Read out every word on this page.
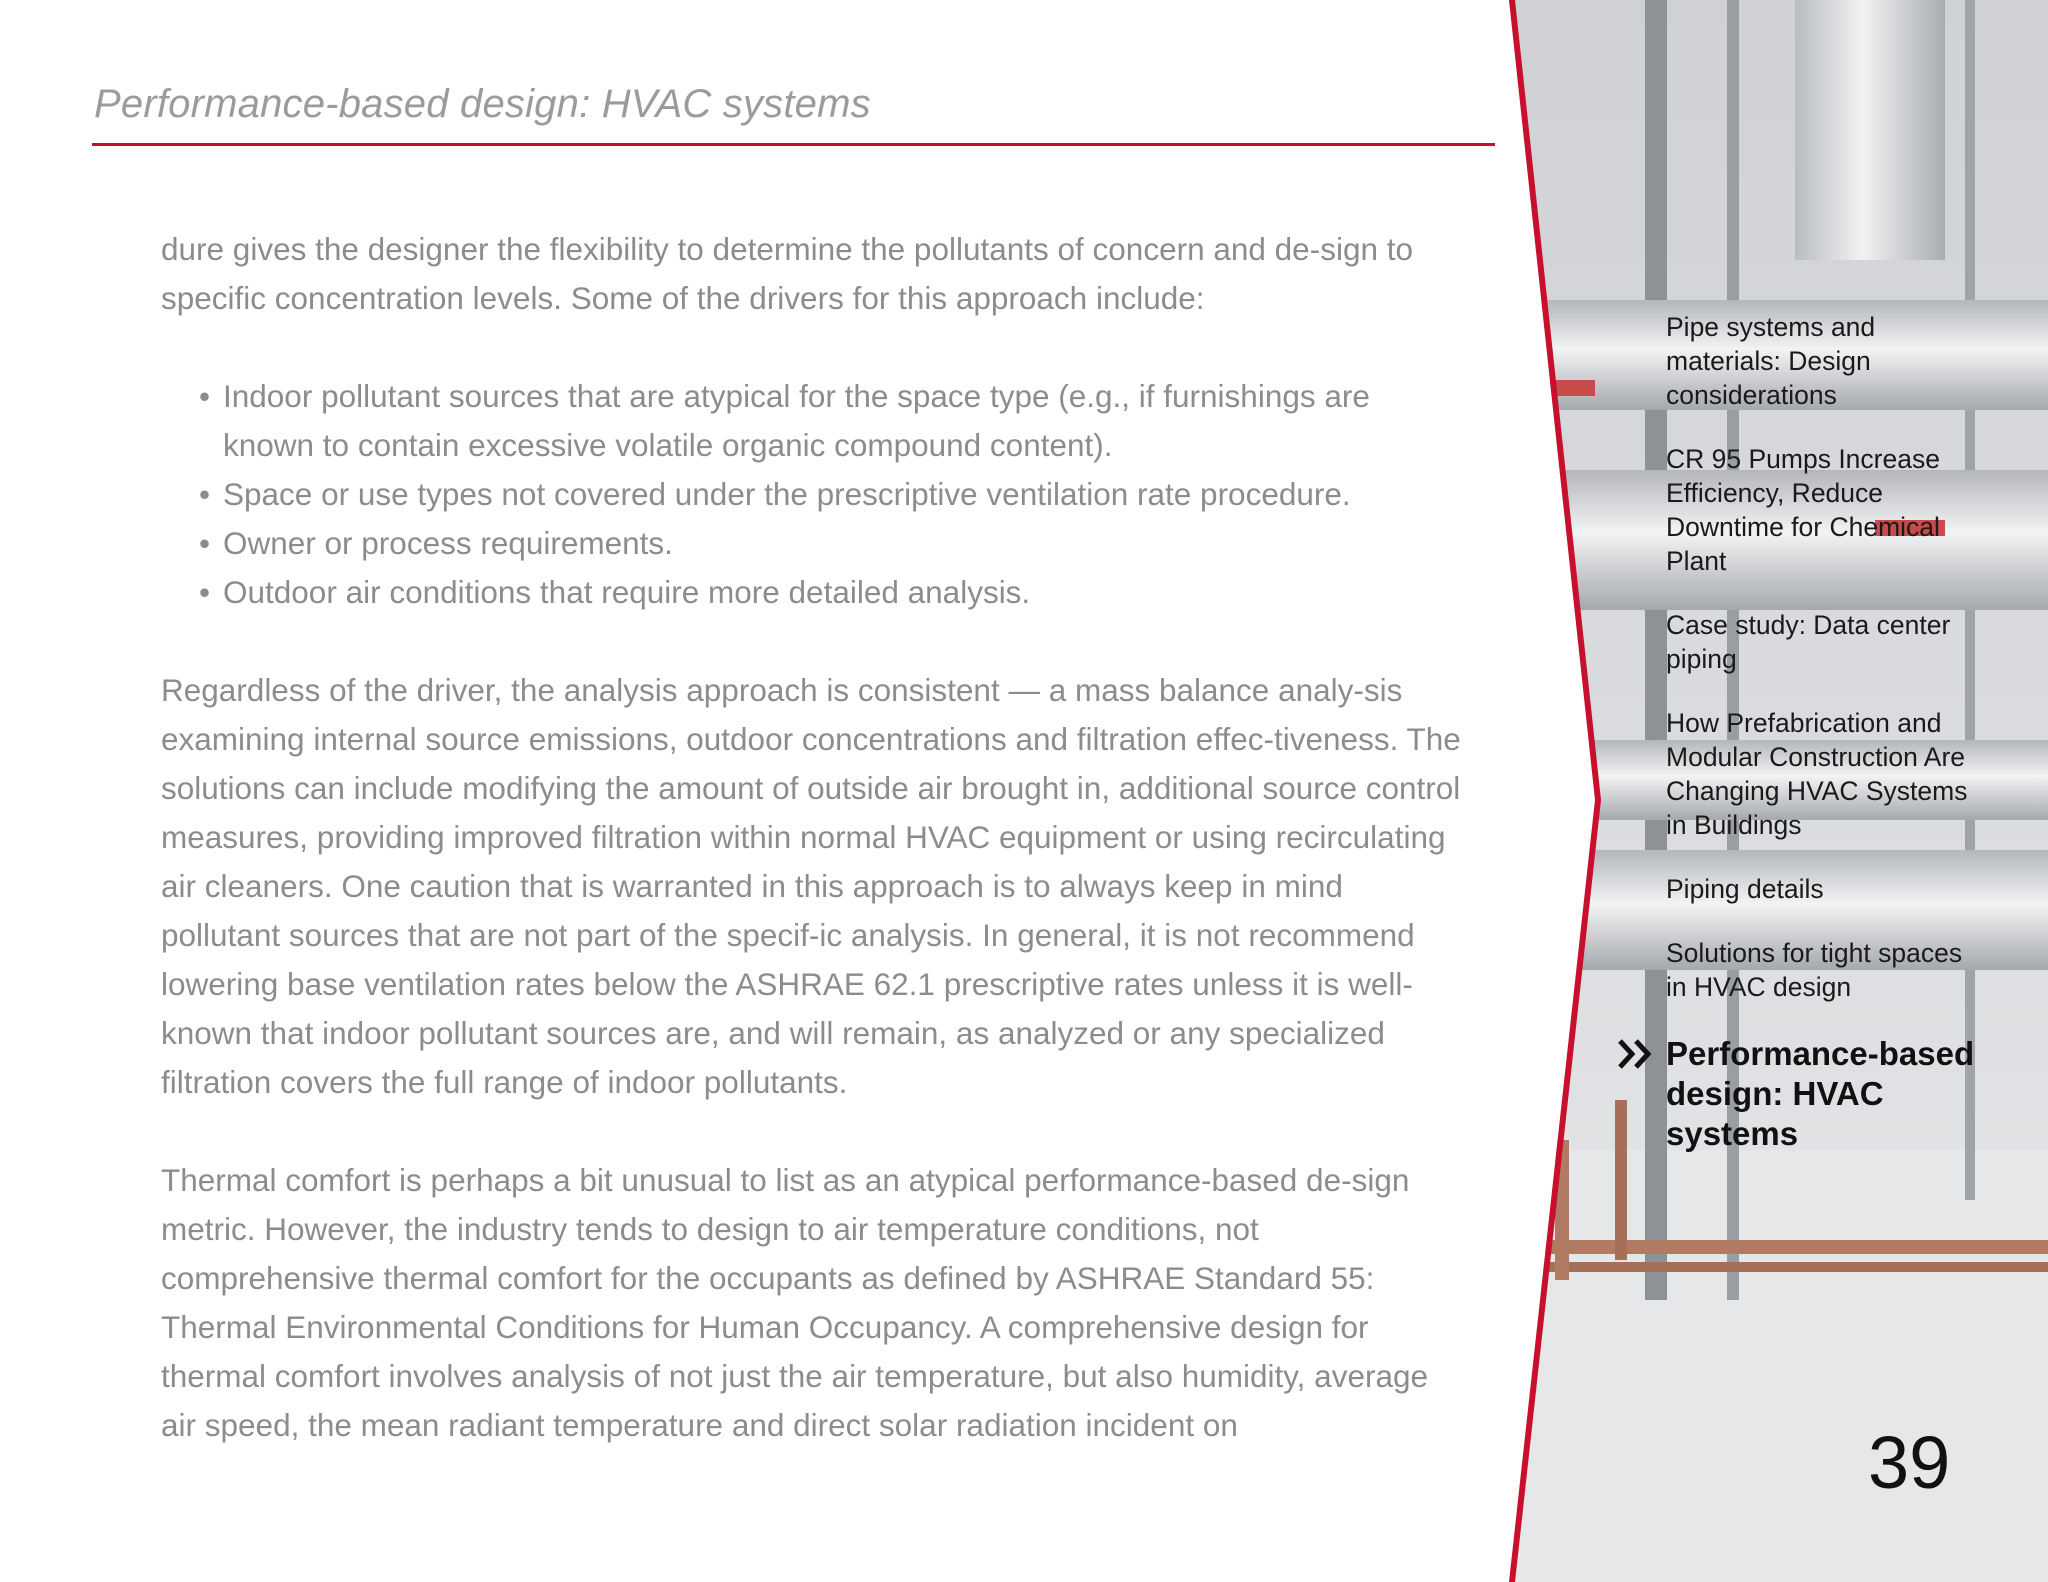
Performance-based design: HVAC systems

dure gives the designer the flexibility to determine the pollutants of concern and de-sign to specific concentration levels. Some of the drivers for this approach include:

• Indoor pollutant sources that are atypical for the space type (e.g., if furnishings are known to contain excessive volatile organic compound content).
• Space or use types not covered under the prescriptive ventilation rate procedure.
• Owner or process requirements.
• Outdoor air conditions that require more detailed analysis.

Regardless of the driver, the analysis approach is consistent — a mass balance analy-sis examining internal source emissions, outdoor concentrations and filtration effec-tiveness. The solutions can include modifying the amount of outside air brought in, additional source control measures, providing improved filtration within normal HVAC equipment or using recirculating air cleaners. One caution that is warranted in this approach is to always keep in mind pollutant sources that are not part of the specif-ic analysis. In general, it is not recommend lowering base ventilation rates below the ASHRAE 62.1 prescriptive rates unless it is well-known that indoor pollutant sources are, and will remain, as analyzed or any specialized filtration covers the full range of indoor pollutants.

Thermal comfort is perhaps a bit unusual to list as an atypical performance-based de-sign metric. However, the industry tends to design to air temperature conditions, not comprehensive thermal comfort for the occupants as defined by ASHRAE Standard 55: Thermal Environmental Conditions for Human Occupancy. A comprehensive design for thermal comfort involves analysis of not just the air temperature, but also humidity, average air speed, the mean radiant temperature and direct solar radiation incident on

Pipe systems and materials: Design considerations
CR 95 Pumps Increase Efficiency, Reduce Downtime for Chemical Plant
Case study: Data center piping
How Prefabrication and Modular Construction Are Changing HVAC Systems in Buildings
Piping details
Solutions for tight spaces in HVAC design
Performance-based design: HVAC systems
39
